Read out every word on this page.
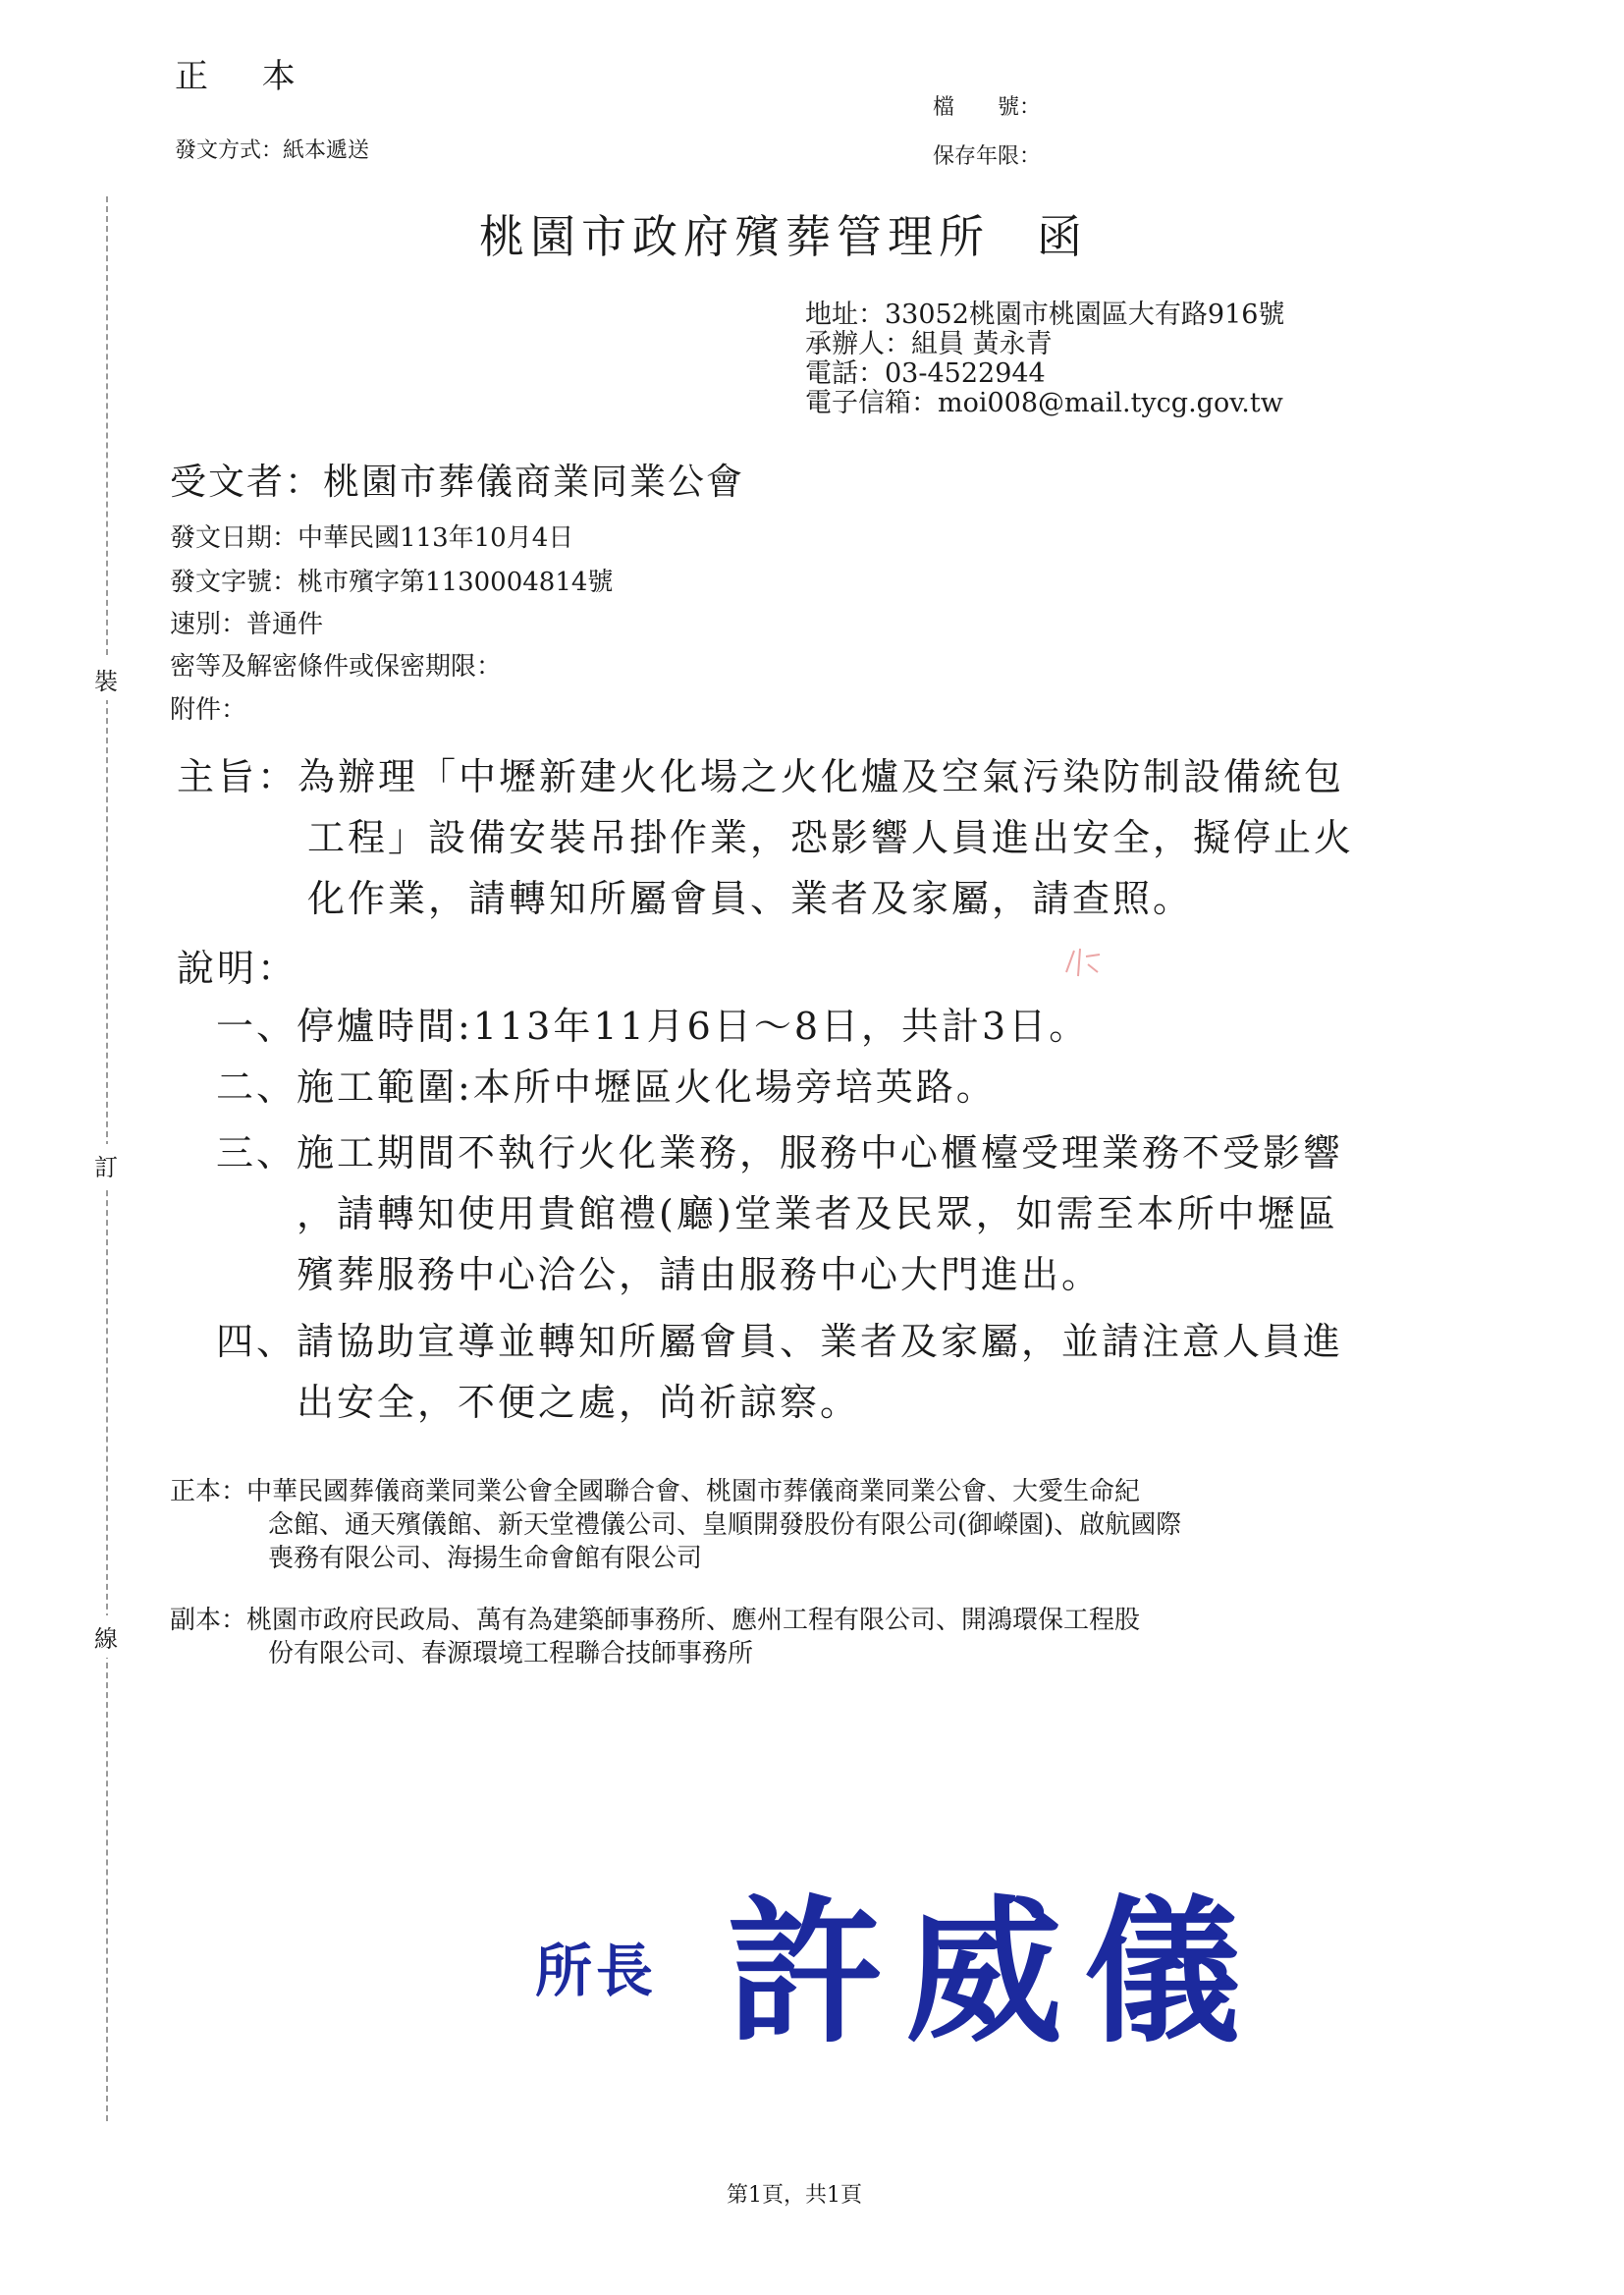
裝
訂
線
正 本
發文方式：紙本遞送
檔　　號：
保存年限：
桃園市政府殯葬管理所 函
地址：33052桃園市桃園區大有路916號
承辦人：組員 黃永青
電話：03-4522944
電子信箱：moi008@mail.tycg.gov.tw
受文者：桃園市葬儀商業同業公會
發文日期：中華民國113年10月4日
發文字號：桃市殯字第1130004814號
速別：普通件
密等及解密條件或保密期限：
附件：
主旨：為辦理「中壢新建火化場之火化爐及空氣污染防制設備統包
工程」設備安裝吊掛作業，恐影響人員進出安全，擬停止火
化作業，請轉知所屬會員、業者及家屬，請查照。
說明：
一、停爐時間:113年11月6日～8日，共計3日。
二、施工範圍:本所中壢區火化場旁培英路。
三、施工期間不執行火化業務，服務中心櫃檯受理業務不受影響
，請轉知使用貴館禮(廳)堂業者及民眾，如需至本所中壢區
殯葬服務中心洽公，請由服務中心大門進出。
四、請協助宣導並轉知所屬會員、業者及家屬，並請注意人員進
出安全，不便之處，尚祈諒察。
正本：中華民國葬儀商業同業公會全國聯合會、桃園市葬儀商業同業公會、大愛生命紀
念館、通天殯儀館、新天堂禮儀公司、皇順開發股份有限公司(御嶸園)、啟航國際
喪務有限公司、海揚生命會館有限公司
副本：桃園市政府民政局、萬有為建築師事務所、應州工程有限公司、開鴻環保工程股
份有限公司、春源環境工程聯合技師事務所
所長 許威儀
第1頁，共1頁
